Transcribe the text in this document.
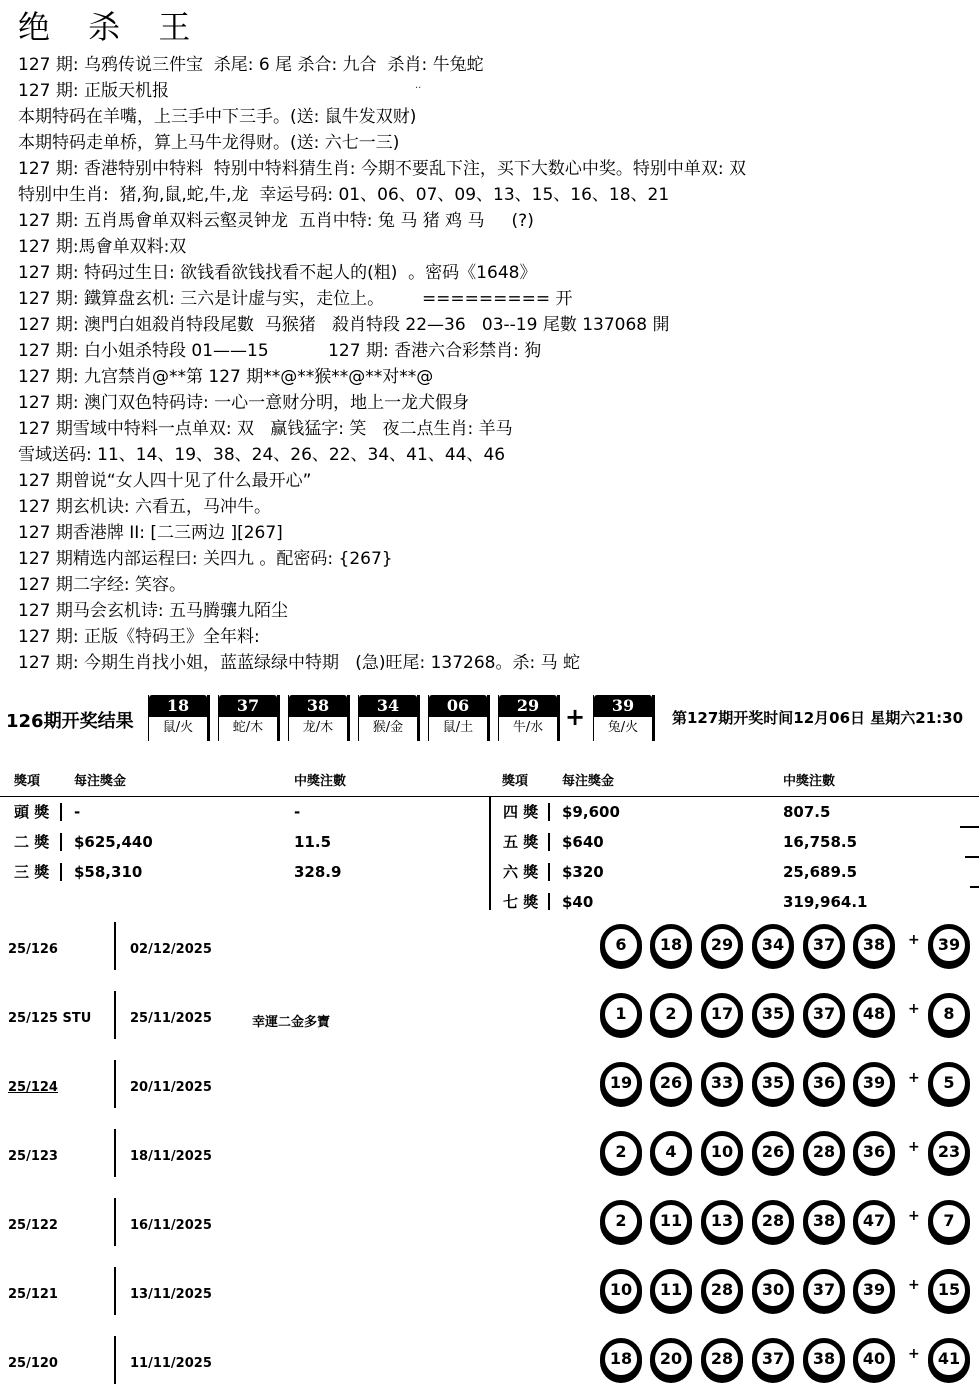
绝 杀 王
..
127 期: 乌鸦传说三件宝  杀尾: 6 尾 杀合: 九合  杀肖: 牛兔蛇
127 期: 正版天机报
本期特码在羊嘴，上三手中下三手。(送: 鼠牛发双财)
本期特码走单桥，算上马牛龙得财。(送: 六七一三)
127 期: 香港特别中特料  特别中特料猜生肖: 今期不要乱下注，买下大数心中奖。特别中单双: 双
特别中生肖:  猪,狗,鼠,蛇,牛,龙  幸运号码: 01、06、07、09、13、15、16、18、21
127 期: 五肖馬會单双料云壑灵钟龙  五肖中特: 兔 马 猪 鸡 马     (?)
127 期:馬會单双料:双
127 期: 特码过生日: 欲钱看欲钱找看不起人的(粗)  。密码《1648》
127 期: 鐵算盘玄机: 三六是计虚与实，走位上。       ========= 开
127 期: 澳門白姐殺肖特段尾數  马猴猪   殺肖特段 22—36   03--19 尾數 137068 開
127 期: 白小姐杀特段 01——15           127 期: 香港六合彩禁肖: 狗
127 期: 九宫禁肖@**第 127 期**@**猴**@**对**@
127 期: 澳门双色特码诗: 一心一意财分明，地上一龙犬假身
127 期雪域中特料一点单双: 双   赢钱猛字: 笑   夜二点生肖: 羊马
雪域送码: 11、14、19、38、24、26、22、34、41、44、46
127 期曾说“女人四十见了什么最开心”
127 期玄机诀: 六看五，马冲牛。
127 期香港牌 II: [二三两边 ][267]
127 期精选内部运程曰: 关四九 。配密码: {267}
127 期二字经: 笑容。
127 期马会玄机诗: 五马腾骧九陌尘
127 期: 正版《特码王》全年料:
127 期: 今期生肖找小姐，蓝蓝绿绿中特期   (急)旺尾: 137268。杀: 马 蛇
126期开奖结果
18
鼠/火
37
蛇/木
38
龙/木
34
猴/金
06
鼠/土
29
牛/水 +	39
兔/火
第127期开奖时间12月06日 星期六21:30
獎項	每注獎金	中獎注數	獎項	每注獎金	中獎注數
頭 獎 -	-
二 獎 $625,440	11.5
三 獎 $58,310	328.9
四 獎 $9,600	807.5
五 獎 $640	16,758.5
六 獎 $320	25,689.5
七 獎 $40	319,964.1
25/126	02/12/2025	6	18	29	34	37	38	+	39
25/125 STU	25/11/2025	幸運二金多寶	1	2	17	35	37	48	+	8
25/124	20/11/2025	19	26	33	35	36	39	+	5
25/123	18/11/2025	2	4	10	26	28	36	+	23
25/122	16/11/2025	2	11	13	28	38	47	+	7
25/121	13/11/2025	10	11	28	30	37	39	+	15
25/120	11/11/2025	18	20	28	37	38	40	+	41
